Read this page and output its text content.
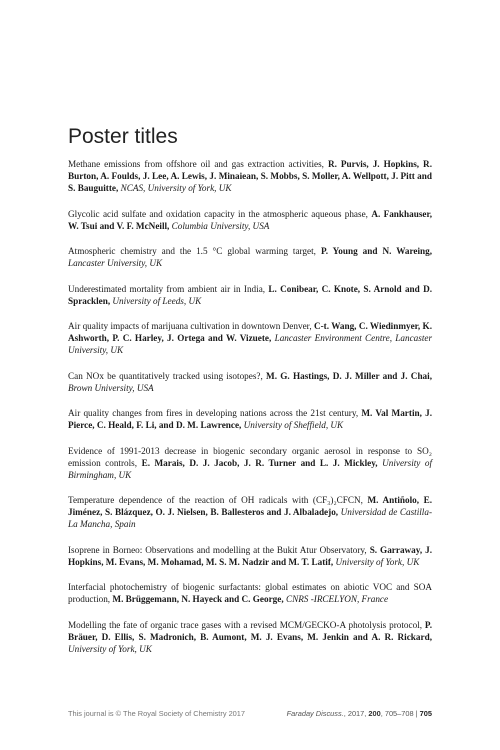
Poster titles

Methane emissions from offshore oil and gas extraction activities, R. Purvis, J. Hopkins, R. Burton, A. Foulds, J. Lee, A. Lewis, J. Minaiean, S. Mobbs, S. Moller, A. Wellpott, J. Pitt and S. Bauguitte, NCAS, University of York, UK

Glycolic acid sulfate and oxidation capacity in the atmospheric aqueous phase, A. Fankhauser, W. Tsui and V. F. McNeill, Columbia University, USA

Atmospheric chemistry and the 1.5 °C global warming target, P. Young and N. Wareing, Lancaster University, UK

Underestimated mortality from ambient air in India, L. Conibear, C. Knote, S. Arnold and D. Spracklen, University of Leeds, UK

Air quality impacts of marijuana cultivation in downtown Denver, C-t. Wang, C. Wiedinmyer, K. Ashworth, P. C. Harley, J. Ortega and W. Vizuete, Lancaster Environment Centre, Lancaster University, UK

Can NOx be quantitatively tracked using isotopes?, M. G. Hastings, D. J. Miller and J. Chai, Brown University, USA

Air quality changes from fires in developing nations across the 21st century, M. Val Martin, J. Pierce, C. Heald, F. Li, and D. M. Lawrence, University of Sheffield, UK

Evidence of 1991-2013 decrease in biogenic secondary organic aerosol in response to SO₂ emission controls, E. Marais, D. J. Jacob, J. R. Turner and L. J. Mickley, University of Birmingham, UK

Temperature dependence of the reaction of OH radicals with (CF₃)₂CFCN, M. Antiñolo, E. Jiménez, S. Blázquez, O. J. Nielsen, B. Ballesteros and J. Albaladejo, Universidad de Castilla-La Mancha, Spain

Isoprene in Borneo: Observations and modelling at the Bukit Atur Observatory, S. Garraway, J. Hopkins, M. Evans, M. Mohamad, M. S. M. Nadzir and M. T. Latif, University of York, UK

Interfacial photochemistry of biogenic surfactants: global estimates on abiotic VOC and SOA production, M. Brüggemann, N. Hayeck and C. George, CNRS -IRCELYON, France

Modelling the fate of organic trace gases with a revised MCM/GECKO-A photolysis protocol, P. Bräuer, D. Ellis, S. Madronich, B. Aumont, M. J. Evans, M. Jenkin and A. R. Rickard, University of York, UK

This journal is © The Royal Society of Chemistry 2017	Faraday Discuss., 2017, 200, 705–708 | 705
